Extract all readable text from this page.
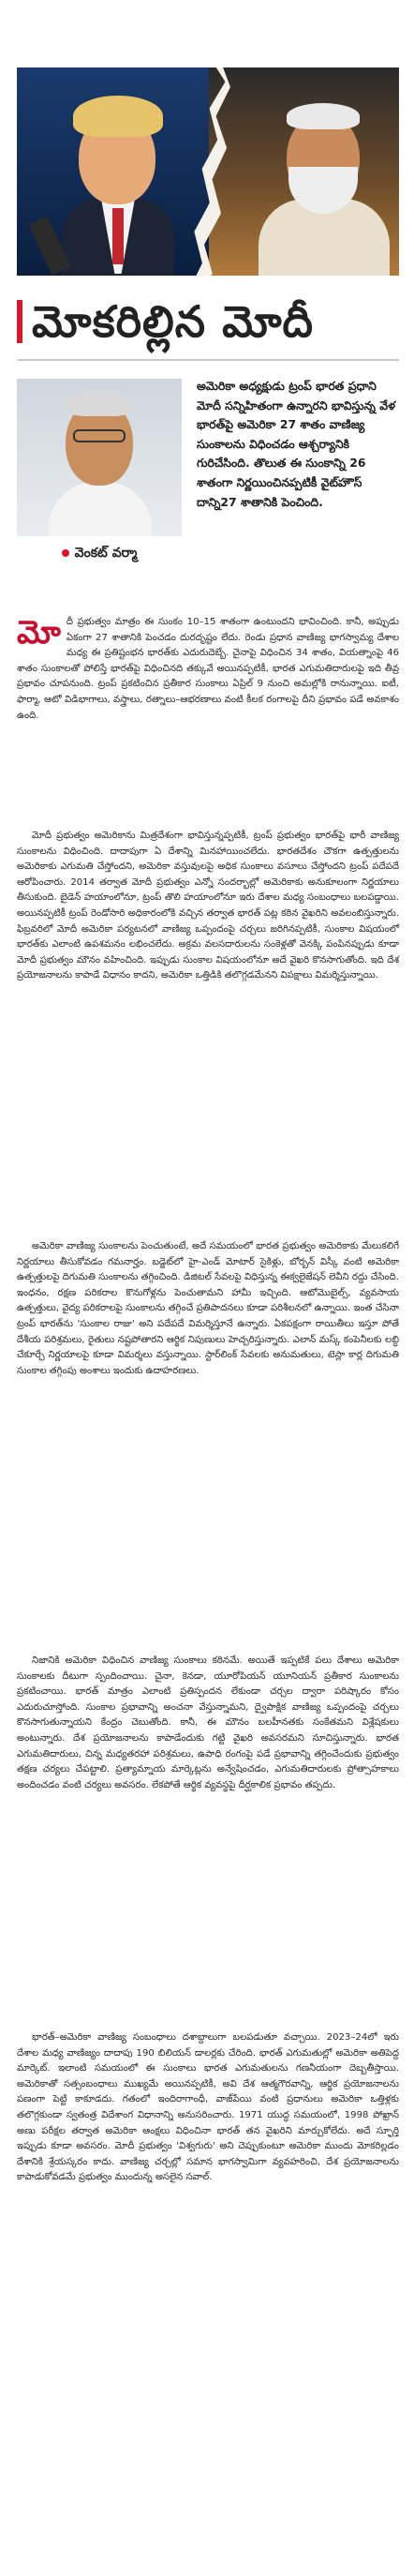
మోకరిల్లిన మోదీ
వెంకట్ వర్మా

అమెరికా అధ్యక్షుడు ట్రంప్ భారత ప్రధాని మోదీ సన్నిహితంగా ఉన్నారని భావిస్తున్న వేళ భారత్‌పై అమెరికా 27 శాతం వాణిజ్య సుంకాలను విధించడం ఆశ్చర్యానికి గురిచేసింది. తొలుత ఈ సుంకాన్ని 26 శాతంగా నిర్ణయించినప్పటికీ వైట్‌హౌస్ దాన్ని27 శాతానికి పెంచింది.

మోదీ ప్రభుత్వం మాత్రం ఈ సుంకం 10–15 శాతంగా ఉంటుందని భావించింది. కానీ, అప్పుడు ఏకంగా 27 శాతానికి పెంచడం దురదృష్టం లేదు. రెండు ప్రధాన వాణిజ్య భాగస్వామ్య దేశాల మధ్య ఈ ప్రతిష్టంభన భారత్‌కు ఎదురుదెబ్బే. చైనాపై విధించిన 34 శాతం, వియత్నాంపై 46 శాతం సుంకాలతో పోలిస్తే భారత్‌పై విధించినది తక్కువే అయినప్పటికీ, భారత ఎగుమతిదారులపై ఇది తీవ్ర ప్రభావం చూపనుంది. ట్రంప్ ప్రకటించిన ప్రతీకార సుంకాలు ఏప్రిల్ 9 నుంచి అమల్లోకి రానున్నాయి. ఐటీ, ఫార్మా, ఆటో విడిభాగాలు, వస్త్రాలు, రత్నాలు–ఆభరణాలు వంటి కీలక రంగాలపై దీని ప్రభావం పడే అవకాశం ఉంది.

మోదీ ప్రభుత్వం అమెరికాను మిత్రదేశంగా భావిస్తున్నప్పటికీ, ట్రంప్ ప్రభుత్వం భారత్‌పై భారీ వాణిజ్య సుంకాలను విధించింది. దాదాపుగా ఏ దేశాన్ని మినహాయించలేదు. భారతదేశం చౌకగా ఉత్పత్తులను అమెరికాకు ఎగుమతి చేస్తోందని, అమెరికా వస్తువులపై అధిక సుంకాలు వసూలు చేస్తోందని ట్రంప్ పదేపదే ఆరోపించారు. 2014 తర్వాత మోదీ ప్రభుత్వం ఎన్నో సందర్భాల్లో అమెరికాకు అనుకూలంగా నిర్ణయాలు తీసుకుంది. బైడెన్ హయాంలోనూ, ట్రంప్ తొలి హయాంలోనూ ఇరు దేశాల మధ్య సంబంధాలు బలపడ్డాయి. అయినప్పటికీ ట్రంప్ రెండోసారి అధికారంలోకి వచ్చిన తర్వాత భారత్ పట్ల కఠిన వైఖరిని అవలంబిస్తున్నారు. ఫిబ్రవరిలో మోదీ అమెరికా పర్యటనలో వాణిజ్య ఒప్పందంపై చర్చలు జరిగినప్పటికీ, సుంకాల విషయంలో భారత్‌కు ఎలాంటి ఉపశమనం లభించలేదు. అక్రమ వలసదారులను సంకెళ్లతో వెనక్కి పంపినప్పుడు కూడా మోదీ ప్రభుత్వం మౌనం వహించింది. ఇప్పుడు సుంకాల విషయంలోనూ అదే వైఖరి కొనసాగుతోంది. ఇది దేశ ప్రయోజనాలను కాపాడే విధానం కాదని, అమెరికా ఒత్తిడికి తలొగ్గడమేనని విపక్షాలు విమర్శిస్తున్నాయి.

అమెరికా వాణిజ్య సుంకాలను పెంచుతుంటే, అదే సమయంలో భారత ప్రభుత్వం అమెరికాకు మేలుకలిగే నిర్ణయాలు తీసుకోవడం గమనార్హం. బడ్జెట్‌లో హై-ఎండ్ మోటార్ సైకిళ్లు, బోర్బన్ విస్కీ వంటి అమెరికా ఉత్పత్తులపై దిగుమతి సుంకాలను తగ్గించింది. డిజిటల్ సేవలపై విధిస్తున్న ఈక్వలైజేషన్ లెవీని రద్దు చేసింది. ఇంధనం, రక్షణ పరికరాల కొనుగోళ్లను పెంచుతామని హామీ ఇచ్చింది. ఆటోమొబైల్స్, వ్యవసాయ ఉత్పత్తులు, వైద్య పరికరాలపై సుంకాలను తగ్గించే ప్రతిపాదనలు కూడా పరిశీలనలో ఉన్నాయి. ఇంత చేసినా ట్రంప్ భారత్‌ను 'సుంకాల రాజు' అని పదేపదే విమర్శిస్తూనే ఉన్నారు. ఏకపక్షంగా రాయితీలు ఇస్తూ పోతే దేశీయ పరిశ్రమలు, రైతులు నష్టపోతారని ఆర్థిక నిపుణులు హెచ్చరిస్తున్నారు. ఎలాన్ మస్క్ కంపెనీలకు లబ్ధి చేకూర్చే నిర్ణయాలపై కూడా విమర్శలు వస్తున్నాయి. స్టార్‌లింక్ సేవలకు అనుమతులు, టెస్లా కార్ల దిగుమతి సుంకాల తగ్గింపు అంశాలు ఇందుకు ఉదాహరణలు.

నిజానికి అమెరికా విధించిన వాణిజ్య సుంకాలు కఠినమే. అయితే ఇప్పటికే పలు దేశాలు అమెరికా సుంకాలకు దీటుగా స్పందించాయి. చైనా, కెనడా, యూరోపియన్ యూనియన్ ప్రతీకార సుంకాలను ప్రకటించాయి. భారత్ మాత్రం ఎలాంటి ప్రతిస్పందన లేకుండా చర్చల ద్వారా పరిష్కారం కోసం ఎదురుచూస్తోంది. సుంకాల ప్రభావాన్ని అంచనా వేస్తున్నామని, ద్వైపాక్షిక వాణిజ్య ఒప్పందంపై చర్చలు కొనసాగుతున్నాయని కేంద్రం చెబుతోంది. కానీ, ఈ మౌనం బలహీనతకు సంకేతమని విశ్లేషకులు అంటున్నారు. దేశ ప్రయోజనాలను కాపాడేందుకు గట్టి వైఖరి అవసరమని సూచిస్తున్నారు. భారత ఎగుమతిదారులు, చిన్న మధ్యతరహా పరిశ్రమలు, ఉపాధి రంగంపై పడే ప్రభావాన్ని తగ్గించేందుకు ప్రభుత్వం తక్షణ చర్యలు చేపట్టాలి. ప్రత్యామ్నాయ మార్కెట్లను అన్వేషించడం, ఎగుమతిదారులకు ప్రోత్సాహకాలు అందించడం వంటి చర్యలు అవసరం. లేకపోతే ఆర్థిక వ్యవస్థపై దీర్ఘకాలిక ప్రభావం తప్పదు.

భారత్–అమెరికా వాణిజ్య సంబంధాలు దశాబ్దాలుగా బలపడుతూ వచ్చాయి. 2023–24లో ఇరు దేశాల మధ్య వాణిజ్యం దాదాపు 190 బిలియన్ డాలర్లకు చేరింది. భారత్ ఎగుమతుల్లో అమెరికా అతిపెద్ద మార్కెట్. ఇలాంటి సమయంలో ఈ సుంకాలు భారత ఎగుమతులను గణనీయంగా దెబ్బతీస్తాయి. అమెరికాతో సత్సంబంధాలు ముఖ్యమే అయినప్పటికీ, అవి దేశ ఆత్మగౌరవాన్ని, ఆర్థిక ప్రయోజనాలను పణంగా పెట్టి కాకూడదు. గతంలో ఇందిరాగాంధీ, వాజ్‌పేయి వంటి ప్రధానులు అమెరికా ఒత్తిళ్లకు తలొగ్గకుండా స్వతంత్ర విదేశాంగ విధానాన్ని అనుసరించారు. 1971 యుద్ధ సమయంలో, 1998 పోఖ్రాన్ అణు పరీక్షల తర్వాత అమెరికా ఆంక్షలు విధించినా భారత్ తన వైఖరిని మార్చుకోలేదు. అదే స్ఫూర్తి ఇప్పుడు కూడా అవసరం. మోదీ ప్రభుత్వం 'విశ్వగురు' అని చెప్పుకుంటూ అమెరికా ముందు మోకరిల్లడం దేశానికి శ్రేయస్కరం కాదు. వాణిజ్య చర్చల్లో సమాన భాగస్వామిగా వ్యవహరించి, దేశ ప్రయోజనాలను కాపాడుకోవడమే ప్రభుత్వం ముందున్న అసలైన సవాల్.
